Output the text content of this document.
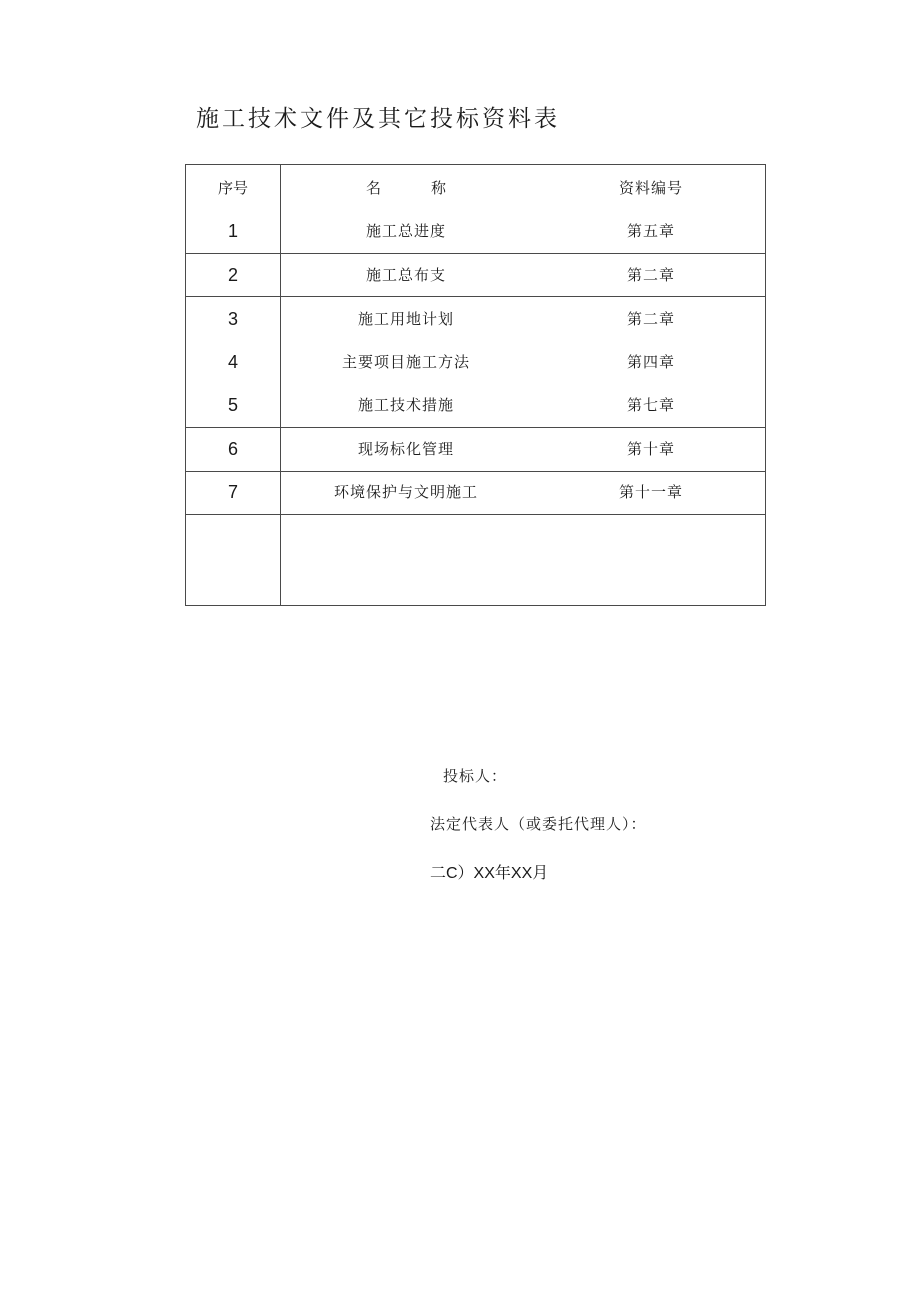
施工技术文件及其它投标资料表
序号	名称	资料编号
1	施工总进度	第五章
2	施工总布支	第二章
3	施工用地计划	第二章
4	主要项目施工方法	第四章
5	施工技术措施	第七章
6	现场标化管理	第十章
7	环境保护与文明施工	第十一章
投标人：
法定代表人（或委托代理人）：
二C）XX年XX月
